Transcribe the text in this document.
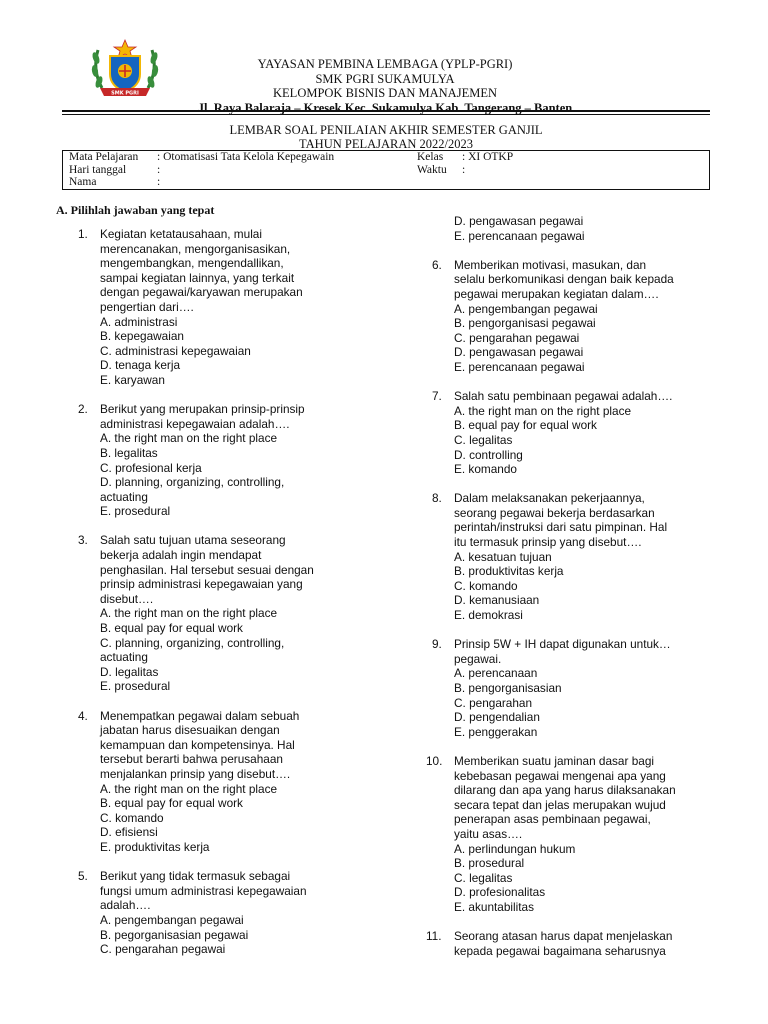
SMK PGRI
YAYASAN PEMBINA LEMBAGA (YPLP-PGRI)
SMK PGRI SUKAMULYA
KELOMPOK BISNIS DAN MANAJEMEN
Jl. Raya Balaraja – Kresek Kec. Sukamulya Kab. Tangerang – Banten
LEMBAR SOAL PENILAIAN AKHIR SEMESTER GANJIL
TAHUN PELAJARAN 2022/2023
Mata Pelajaran : Otomatisasi Tata Kelola Kepegawain
Hari tanggal	:
Nama	:
Kelas : XI OTKP
Waktu :
A. Pilihlah jawaban yang tepat
1. Kegiatan ketatausahaan, mulai
merencanakan, mengorganisasikan,
mengembangkan, mengendallikan,
sampai kegiatan lainnya, yang terkait
dengan pegawai/karyawan merupakan
pengertian dari….
A. administrasi
B. kepegawaian
C. administrasi kepegawaian
D. tenaga kerja
E. karyawan
2. Berikut yang merupakan prinsip-prinsip
administrasi kepegawaian adalah….
A. the right man on the right place
B. legalitas
C. profesional kerja
D. planning, organizing, controlling,
actuating
E. prosedural
3. Salah satu tujuan utama seseorang
bekerja adalah ingin mendapat
penghasilan. Hal tersebut sesuai dengan
prinsip administrasi kepegawaian yang
disebut….
A. the right man on the right place
B. equal pay for equal work
C. planning, organizing, controlling,
actuating
D. legalitas
E. prosedural
4. Menempatkan pegawai dalam sebuah
jabatan harus disesuaikan dengan
kemampuan dan kompetensinya. Hal
tersebut berarti bahwa perusahaan
menjalankan prinsip yang disebut….
A. the right man on the right place
B. equal pay for equal work
C. komando
D. efisiensi
E. produktivitas kerja
5. Berikut yang tidak termasuk sebagai
fungsi umum administrasi kepegawaian
adalah….
A. pengembangan pegawai
B. pegorganisasian pegawai
C. pengarahan pegawai
D. pengawasan pegawai
E. perencanaan pegawai
6. Memberikan motivasi, masukan, dan
selalu berkomunikasi dengan baik kepada
pegawai merupakan kegiatan dalam….
A. pengembangan pegawai
B. pengorganisasi pegawai
C. pengarahan pegawai
D. pengawasan pegawai
E. perencanaan pegawai
7. Salah satu pembinaan pegawai adalah….
A. the right man on the right place
B. equal pay for equal work
C. legalitas
D. controlling
E. komando
8. Dalam melaksanakan pekerjaannya,
seorang pegawai bekerja berdasarkan
perintah/instruksi dari satu pimpinan. Hal
itu termasuk prinsip yang disebut….
A. kesatuan tujuan
B. produktivitas kerja
C. komando
D. kemanusiaan
E. demokrasi
9. Prinsip 5W + IH dapat digunakan untuk…
pegawai.
A. perencanaan
B. pengorganisasian
C. pengarahan
D. pengendalian
E. penggerakan
10. Memberikan suatu jaminan dasar bagi
kebebasan pegawai mengenai apa yang
dilarang dan apa yang harus dilaksanakan
secara tepat dan jelas merupakan wujud
penerapan asas pembinaan pegawai,
yaitu asas….
A. perlindungan hukum
B. prosedural
C. legalitas
D. profesionalitas
E. akuntabilitas
11. Seorang atasan harus dapat menjelaskan
kepada pegawai bagaimana seharusnya
